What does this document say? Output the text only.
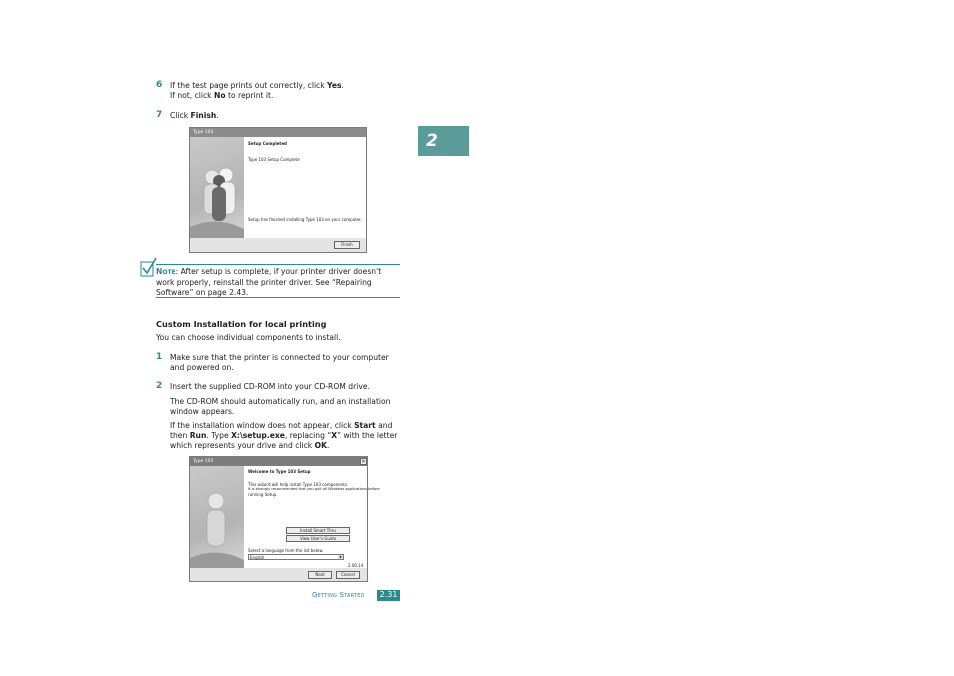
6 If the test page prints out correctly, click Yes.
If not, click No to reprint it.
7 Click Finish.
2
Type 103
Setup Completed
Type 103 Setup Complete
Setup has finished installing Type 103 on your computer.
Finish
NOTE: After setup is complete, if your printer driver doesn't work properly, reinstall the printer driver. See “Repairing Software” on page 2.43.
Custom Installation for local printing
You can choose individual components to install.
1 Make sure that the printer is connected to your computer
and powered on.
2 Insert the supplied CD-ROM into your CD-ROM drive.
The CD-ROM should automatically run, and an installation
window appears.
If the installation window does not appear, click Start and
then Run. Type X:\setup.exe, replacing “X” with the letter
which represents your drive and click OK.
Type 103	✕
Welcome to Type 103 Setup
This wizard will help install Type 103 components.
It is strongly recommended that you quit all Windows applications before
running Setup.
Install Smart Thru
View User's Guide
Select a language from the list below.
English	▼
2.00.14
Next	Cancel
Getting Started	2.31
